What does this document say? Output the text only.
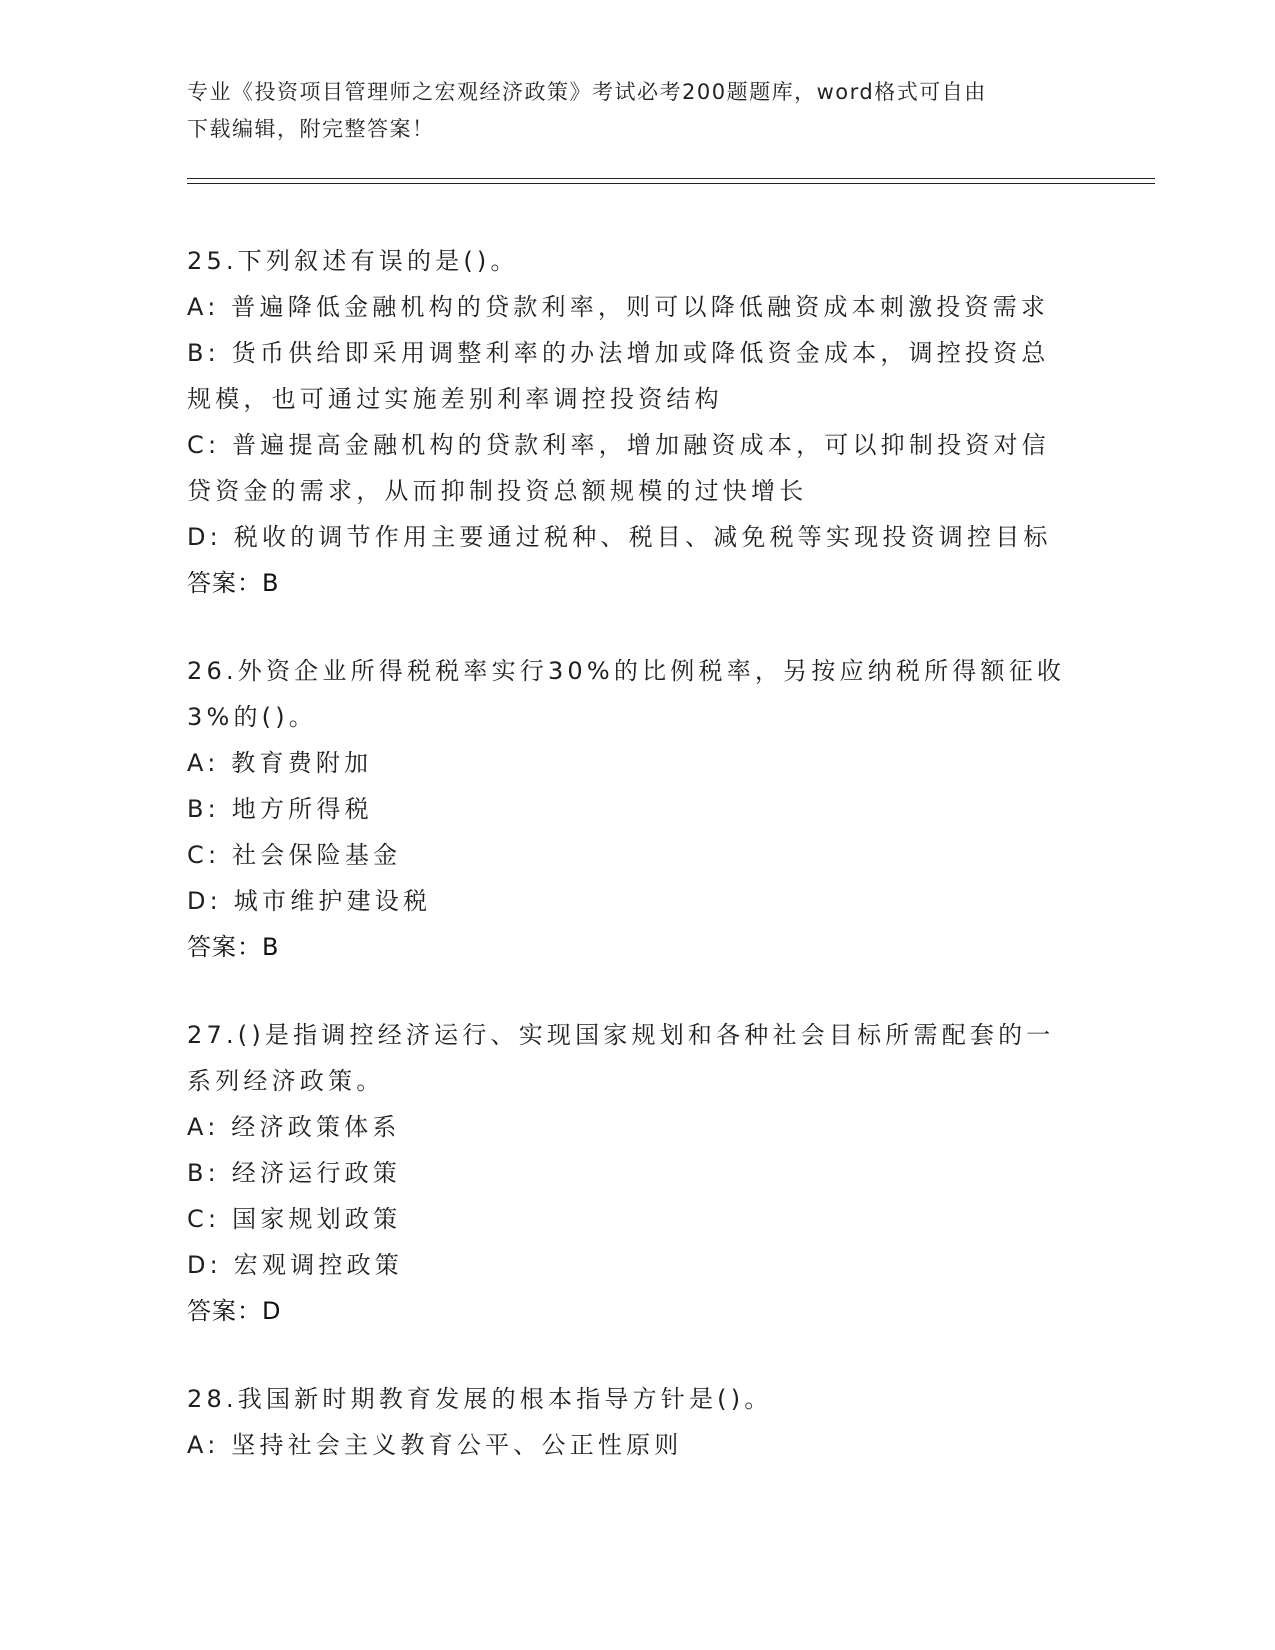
专业《投资项目管理师之宏观经济政策》考试必考200题题库，word格式可自由
下载编辑，附完整答案！
25.下列叙述有误的是()。
A: 普遍降低金融机构的贷款利率，则可以降低融资成本刺激投资需求
B: 货币供给即采用调整利率的办法增加或降低资金成本，调控投资总
规模，也可通过实施差别利率调控投资结构
C: 普遍提高金融机构的贷款利率，增加融资成本，可以抑制投资对信
贷资金的需求，从而抑制投资总额规模的过快增长
D: 税收的调节作用主要通过税种、税目、减免税等实现投资调控目标
答案：B
26.外资企业所得税税率实行30%的比例税率，另按应纳税所得额征收
3%的()。
A: 教育费附加
B: 地方所得税
C: 社会保险基金
D: 城市维护建设税
答案：B
27.()是指调控经济运行、实现国家规划和各种社会目标所需配套的一
系列经济政策。
A: 经济政策体系
B: 经济运行政策
C: 国家规划政策
D: 宏观调控政策
答案：D
28.我国新时期教育发展的根本指导方针是()。
A: 坚持社会主义教育公平、公正性原则
